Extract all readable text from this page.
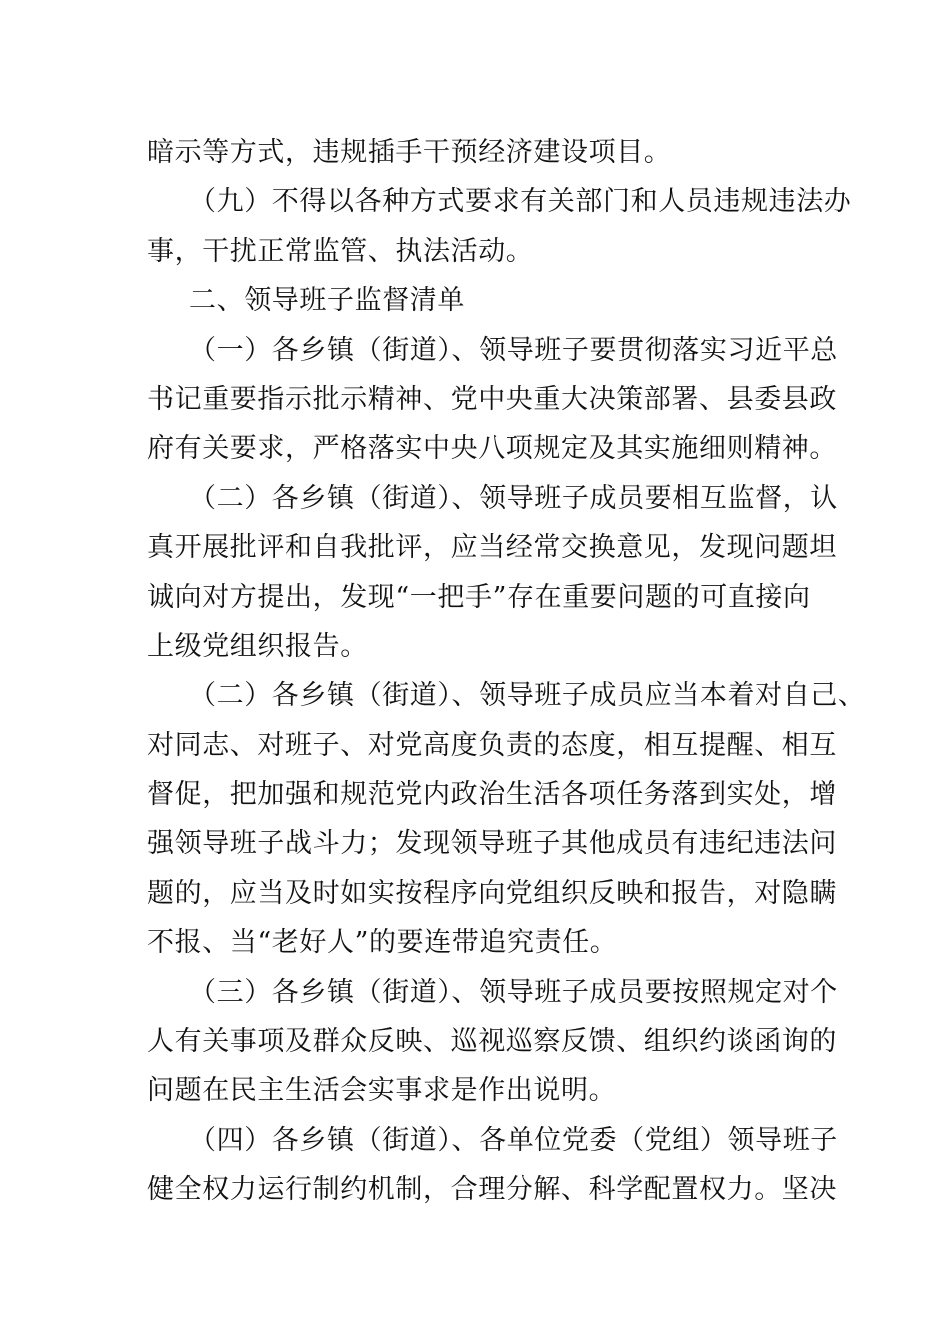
暗示等方式，违规插手干预经济建设项目。
（九）不得以各种方式要求有关部门和人员违规违法办
事，干扰正常监管、执法活动。
二、领导班子监督清单
（一）各乡镇（街道）、领导班子要贯彻落实习近平总
书记重要指示批示精神、党中央重大决策部署、县委县政
府有关要求，严格落实中央八项规定及其实施细则精神。
（二）各乡镇（街道）、领导班子成员要相互监督，认
真开展批评和自我批评，应当经常交换意见，发现问题坦
诚向对方提出，发现“一把手”存在重要问题的可直接向
上级党组织报告。
（二）各乡镇（街道）、领导班子成员应当本着对自己、
对同志、对班子、对党高度负责的态度，相互提醒、相互
督促，把加强和规范党内政治生活各项任务落到实处，增
强领导班子战斗力；发现领导班子其他成员有违纪违法问
题的，应当及时如实按程序向党组织反映和报告，对隐瞒
不报、当“老好人”的要连带追究责任。
（三）各乡镇（街道）、领导班子成员要按照规定对个
人有关事项及群众反映、巡视巡察反馈、组织约谈函询的
问题在民主生活会实事求是作出说明。
（四）各乡镇（街道）、各单位党委（党组）领导班子
健全权力运行制约机制，合理分解、科学配置权力。坚决
